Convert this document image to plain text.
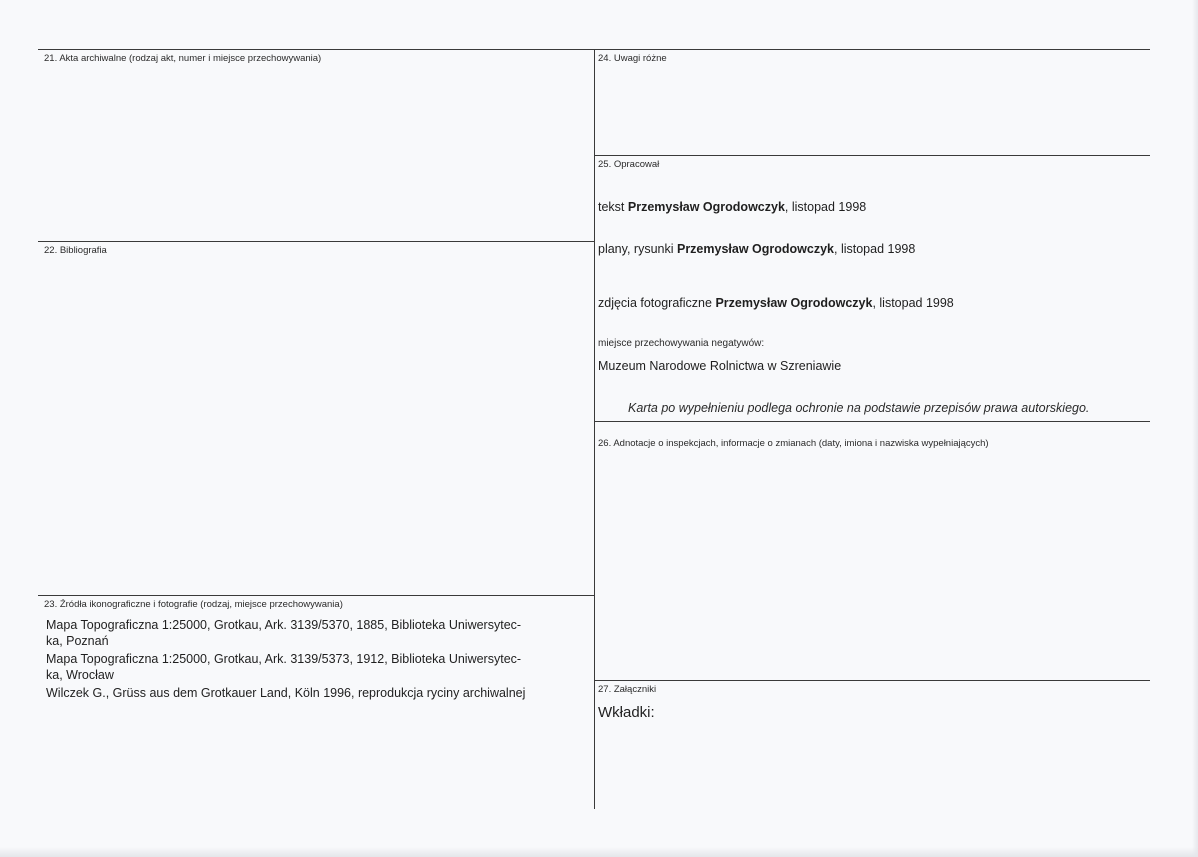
21. Akta archiwalne (rodzaj akt, numer i miejsce przechowywania)
22. Bibliografia
23. Źródła ikonograficzne i fotografie (rodzaj, miejsce przechowywania)
Mapa Topograficzna 1:25000, Grotkau, Ark. 3139/5370, 1885, Biblioteka Uniwersytec-
ka, Poznań
Mapa Topograficzna 1:25000, Grotkau, Ark. 3139/5373, 1912, Biblioteka Uniwersytec-
ka, Wrocław
Wilczek G., Grüss aus dem Grotkauer Land, Köln 1996, reprodukcja ryciny archiwalnej
24. Uwagi różne
25. Opracował
tekst Przemysław Ogrodowczyk, listopad 1998
plany, rysunki Przemysław Ogrodowczyk, listopad 1998
zdjęcia fotograficzne Przemysław Ogrodowczyk, listopad 1998
miejsce przechowywania negatywów:
Muzeum Narodowe Rolnictwa w Szreniawie
Karta po wypełnieniu podlega ochronie na podstawie przepisów prawa autorskiego.
26. Adnotacje o inspekcjach, informacje o zmianach (daty, imiona i nazwiska wypełniających)
27. Załączniki
Wkładki:
